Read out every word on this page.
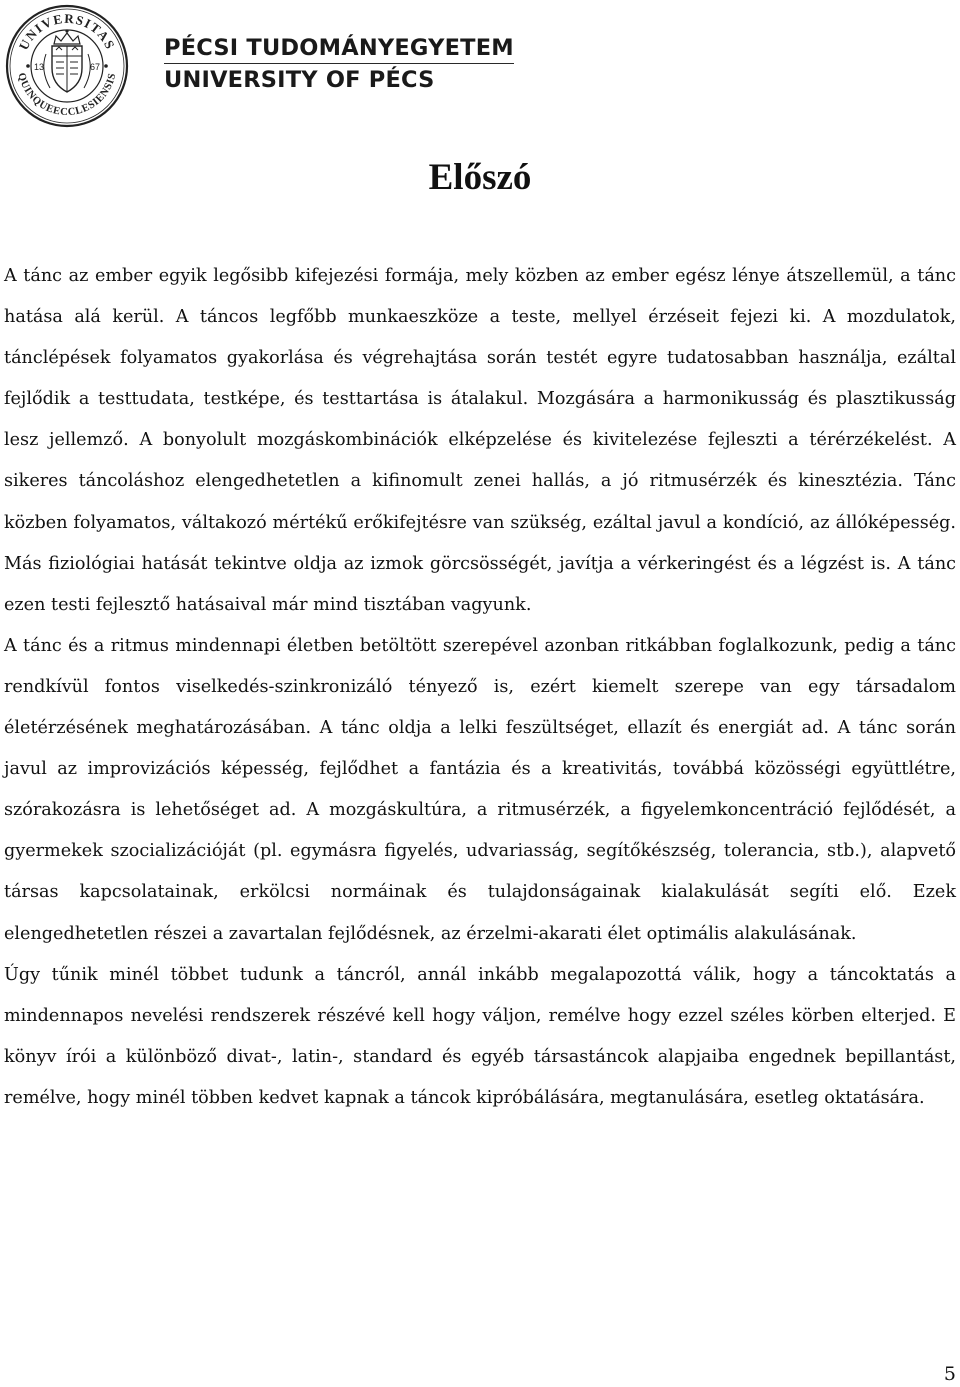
UNIVERSITAS
QUINQUEECCLESIENSIS
13	67
PÉCSI TUDOMÁNYEGYETEM
UNIVERSITY OF PÉCS
Előszó

A tánc az ember egyik legősibb kifejezési formája, mely közben az ember egész lénye átszellemül, a tánc hatása alá kerül. A táncos legfőbb munkaeszköze a teste, mellyel érzéseit fejezi ki. A mozdulatok, tánclépések folyamatos gyakorlása és végrehajtása során testét egyre tudatosabban használja, ezáltal fejlődik a testtudata, testképe, és testtartása is átalakul. Mozgására a harmonikusság és plasztikusság lesz jellemző. A bonyolult mozgáskombinációk elképzelése és kivitelezése fejleszti a térérzékelést. A sikeres táncoláshoz elengedhetetlen a kifinomult zenei hallás, a jó ritmusérzék és kinesztézia. Tánc közben folyamatos, váltakozó mértékű erőkifejtésre van szükség, ezáltal javul a kondíció, az állóképesség. Más fiziológiai hatását tekintve oldja az izmok görcsösségét, javítja a vérkeringést és a légzést is. A tánc ezen testi fejlesztő hatásaival már mind tisztában vagyunk.

A tánc és a ritmus mindennapi életben betöltött szerepével azonban ritkábban foglalkozunk, pedig a tánc rendkívül fontos viselkedés-szinkronizáló tényező is, ezért kiemelt szerepe van egy társadalom életérzésének meghatározásában. A tánc oldja a lelki feszültséget, ellazít és energiát ad. A tánc során javul az improvizációs képesség, fejlődhet a fantázia és a kreativitás, továbbá közösségi együttlétre, szórakozásra is lehetőséget ad. A mozgáskultúra, a ritmusérzék, a figyelemkoncentráció fejlődését, a gyermekek szocializációját (pl. egymásra figyelés, udvariasság, segítőkészség, tolerancia, stb.), alapvető társas kapcsolatainak, erkölcsi normáinak és tulajdonságainak kialakulását segíti elő. Ezek elengedhetetlen részei a zavartalan fejlődésnek, az érzelmi-akarati élet optimális alakulásának.

Úgy tűnik minél többet tudunk a táncról, annál inkább megalapozottá válik, hogy a táncoktatás a mindennapos nevelési rendszerek részévé kell hogy váljon, remélve hogy ezzel széles körben elterjed. E könyv írói a különböző divat-, latin-, standard és egyéb társastáncok alapjaiba engednek bepillantást, remélve, hogy minél többen kedvet kapnak a táncok kipróbálására, megtanulására, esetleg oktatására.

5
